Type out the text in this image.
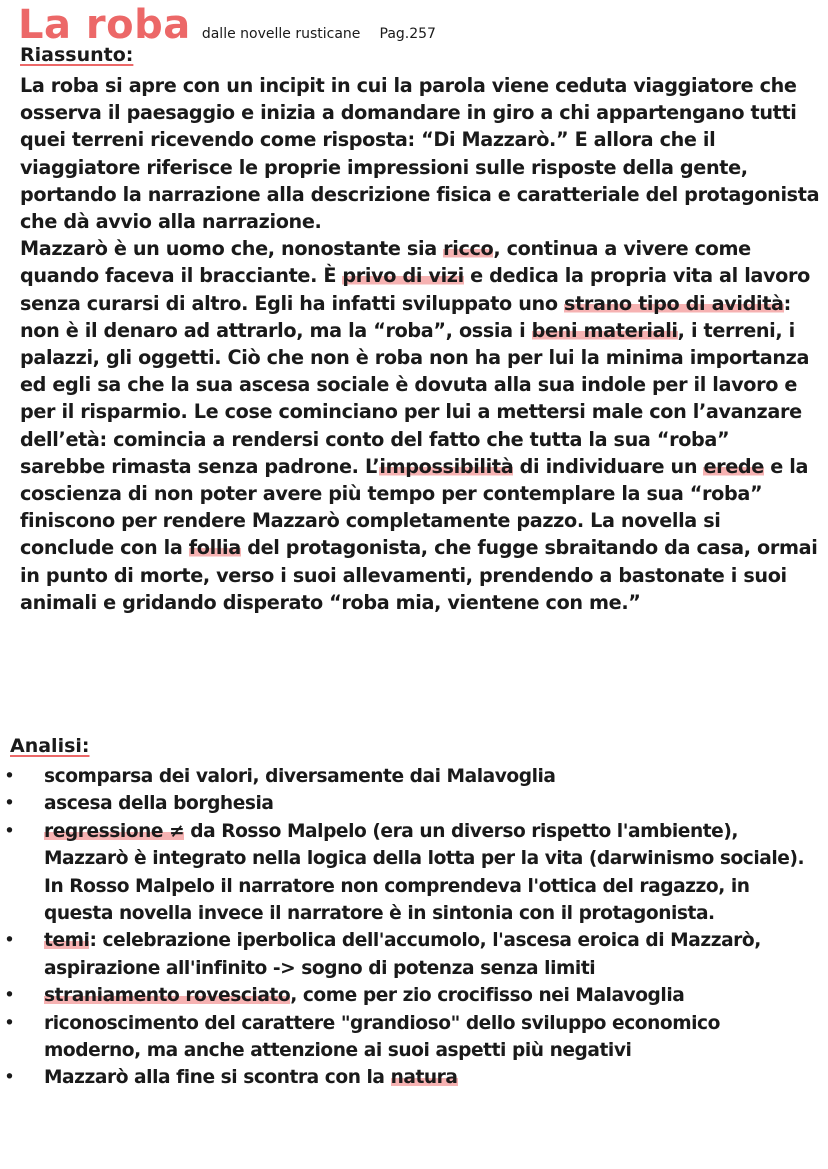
La roba dalle novelle rusticane Pag.257
Riassunto:

La roba si apre con un incipit in cui la parola viene ceduta viaggiatore che osserva il paesaggio e inizia a domandare in giro a chi appartengano tutti quei terreni ricevendo come risposta: “Di Mazzarò.” E allora che il viaggiatore riferisce le proprie impressioni sulle risposte della gente, portando la narrazione alla descrizione fisica e caratteriale del protagonista che dà avvio alla narrazione.

Mazzarò è un uomo che, nonostante sia ricco, continua a vivere come quando faceva il bracciante. È privo di vizi e dedica la propria vita al lavoro senza curarsi di altro. Egli ha infatti sviluppato uno strano tipo di avidità: non è il denaro ad attrarlo, ma la “roba”, ossia i beni materiali, i terreni, i palazzi, gli oggetti. Ciò che non è roba non ha per lui la minima importanza ed egli sa che la sua ascesa sociale è dovuta alla sua indole per il lavoro e per il risparmio. Le cose cominciano per lui a mettersi male con l’avanzare dell’età: comincia a rendersi conto del fatto che tutta la sua “roba” sarebbe rimasta senza padrone. L’impossibilità di individuare un erede e la coscienza di non poter avere più tempo per contemplare la sua “roba” finiscono per rendere Mazzarò completamente pazzo. La novella si conclude con la follia del protagonista, che fugge sbraitando da casa, ormai in punto di morte, verso i suoi allevamenti, prendendo a bastonate i suoi animali e gridando disperato “roba mia, vientene con me.”

Analisi:
• scomparsa dei valori, diversamente dai Malavoglia
• ascesa della borghesia
• regressione ≠ da Rosso Malpelo (era un diverso rispetto l'ambiente), Mazzarò è integrato nella logica della lotta per la vita (darwinismo sociale). In Rosso Malpelo il narratore non comprendeva l'ottica del ragazzo, in questa novella invece il narratore è in sintonia con il protagonista.
• temi: celebrazione iperbolica dell'accumolo, l'ascesa eroica di Mazzarò, aspirazione all'infinito -> sogno di potenza senza limiti
• straniamento rovesciato, come per zio crocifisso nei Malavoglia
• riconoscimento del carattere "grandioso" dello sviluppo economico moderno, ma anche attenzione ai suoi aspetti più negativi
• Mazzarò alla fine si scontra con la natura
